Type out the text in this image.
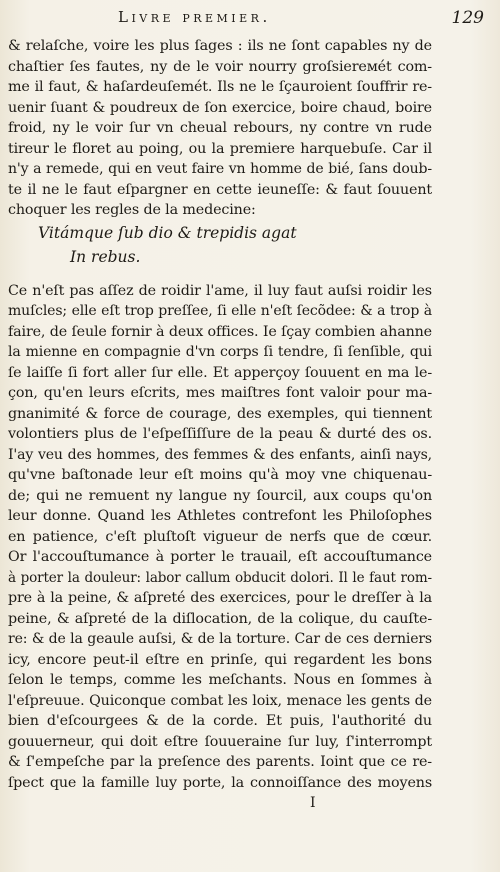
Livre premier.	129
& relaſche, voire les plus ſages : ils ne ſont capables ny de
chaſtier ſes fautes, ny de le voir nourry groſsierемét com-
me il faut, & haſardeuſemét. Ils ne le ſçauroient ſouffrir re-
uenir ſuant & poudreux de ſon exercice, boire chaud, boire
froid, ny le voir ſur vn cheual rebours, ny contre vn rude
tireur le floret au poing, ou la premiere harquebuſe. Car il
n'y a remede, qui en veut faire vn homme de bié, ſans doub-
te il ne le faut eſpargner en cette ieuneſſe: & faut ſouuent
choquer les regles de la medecine:
Vitámque ſub dio & trepidis agat
In rebus.
Ce n'eſt pas aſſez de roidir l'ame, il luy faut auſsi roidir les
muſcles; elle eſt trop preſſee, ſi elle n'eſt ſecõdee: & a trop à
faire, de ſeule fornir à deux offices. Ie ſçay combien ahanne
la mienne en compagnie d'vn corps ſi tendre, ſi ſenſible, qui
ſe laiſſe ſi fort aller ſur elle. Et apperçoy ſouuent en ma le-
çon, qu'en leurs eſcrits, mes maiſtres font valoir pour ma-
gnanimité & force de courage, des exemples, qui tiennent
volontiers plus de l'eſpeſſiſſure de la peau & durté des os.
I'ay veu des hommes, des femmes & des enfants, ainſi nays,
qu'vne baſtonade leur eſt moins qu'à moy vne chiquenau-
de; qui ne remuent ny langue ny ſourcil, aux coups qu'on
leur donne. Quand les Athletes contrefont les Philoſophes
en patience, c'eſt pluſtoſt vigueur de nerfs que de cœur.
Or l'accouſtumance à porter le trauail, eſt accouſtumance
à porter la douleur: labor callum obducit dolori. Il le faut rom-
pre à la peine, & aſpreté des exercices, pour le dreſſer à la
peine, & aſpreté de la diſlocation, de la colique, du cauſte-
re: & de la geaule auſsi, & de la torture. Car de ces derniers
icy, encore peut-il eſtre en prinſe, qui regardent les bons
ſelon le temps, comme les meſchants. Nous en ſommes à
l'eſpreuue. Quiconque combat les loix, menace les gents de
bien d'eſcourgees & de la corde. Et puis, l'authorité du
gouuerneur, qui doit eſtre ſouueraine ſur luy, ſ'interrompt
& ſ'empeſche par la preſence des parents. Ioint que ce re-
ſpect que la famille luy porte, la connoiſſance des moyens
I
